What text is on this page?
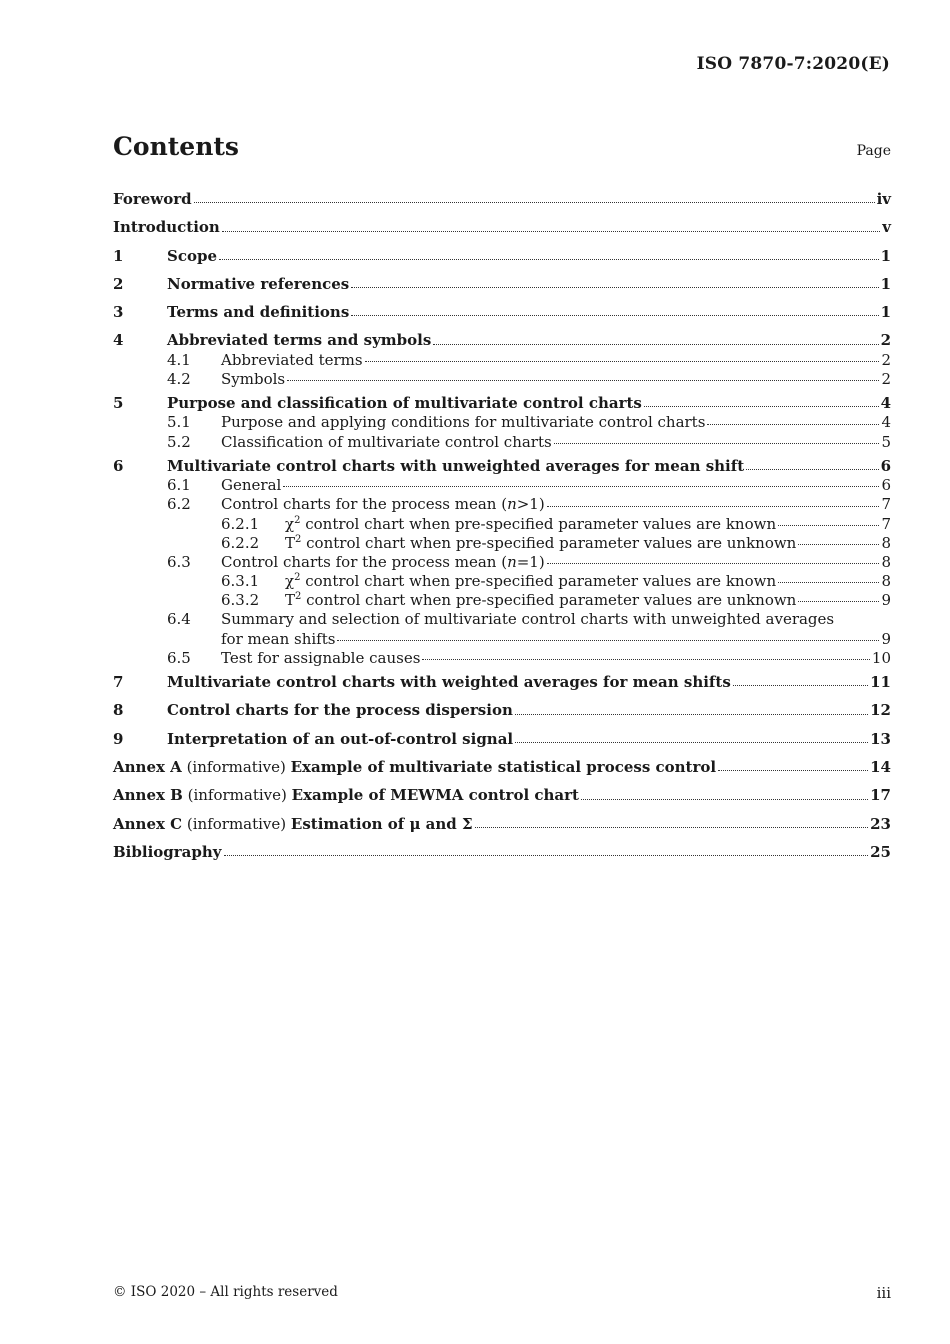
ISO 7870-7:2020(E)
Contents	Page
Foreword	iv
Introduction	v
1	Scope	1
2	Normative references	1
3	Terms and definitions	1
4	Abbreviated terms and symbols	2
4.1	Abbreviated terms	2
4.2	Symbols	2
5	Purpose and classification of multivariate control charts	4
5.1	Purpose and applying conditions for multivariate control charts	4
5.2	Classification of multivariate control charts	5
6	Multivariate control charts with unweighted averages for mean shift	6
6.1	General	6
6.2	Control charts for the process mean (n>1)	7
6.2.1	$\chi^2$ control chart when pre-specified parameter values are known	7
6.2.2	$T^2$ control chart when pre-specified parameter values are unknown	8
6.3	Control charts for the process mean (n=1)	8
6.3.1	$\chi^2$ control chart when pre-specified parameter values are known	8
6.3.2	$T^2$ control chart when pre-specified parameter values are unknown	9
6.4	Summary and selection of multivariate control charts with unweighted averages
for mean shifts	9
6.5	Test for assignable causes	10
7	Multivariate control charts with weighted averages for mean shifts	11
8	Control charts for the process dispersion	12
9	Interpretation of an out-of-control signal	13
Annex A (informative) Example of multivariate statistical process control	14
Annex B (informative) Example of MEWMA control chart	17
Annex C (informative) Estimation of μ and Σ	23
Bibliography	25
© ISO 2020 – All rights reserved	iii
